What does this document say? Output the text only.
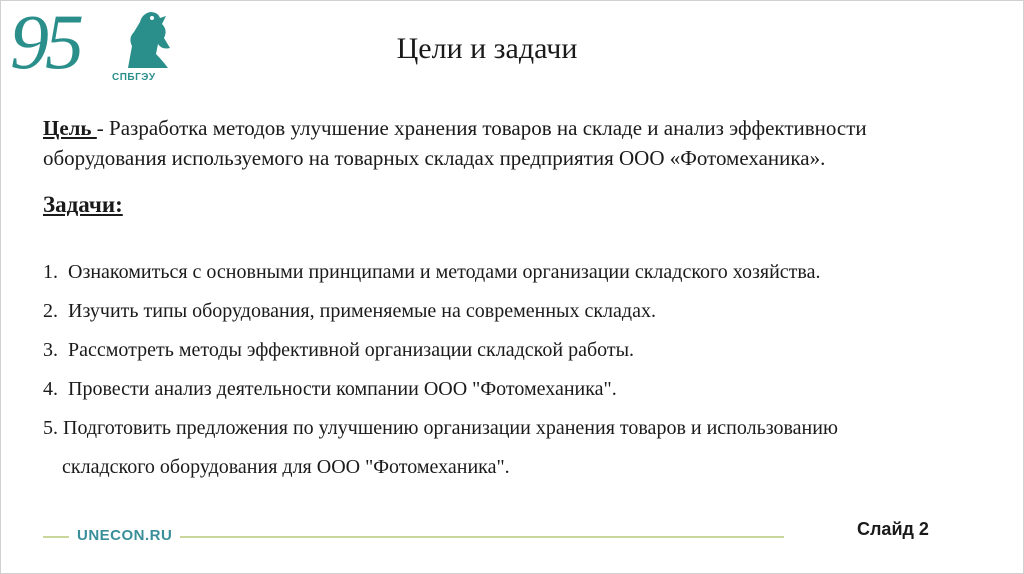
95	СПБГЭУ
Цели и задачи
Цель - Разработка методов улучшение хранения товаров на складе и анализ эффективности оборудования используемого на товарных складах предприятия ООО «Фотомеханика».
Задачи:
1. Ознакомиться с основными принципами и методами организации складского хозяйства.
2. Изучить типы оборудования, применяемые на современных складах.
3. Рассмотреть методы эффективной организации складской работы.
4. Провести анализ деятельности компании ООО "Фотомеханика".
5. Подготовить предложения по улучшению организации хранения товаров и использованию
складского оборудования для ООО "Фотомеханика".
UNECON.RU	Слайд 2
